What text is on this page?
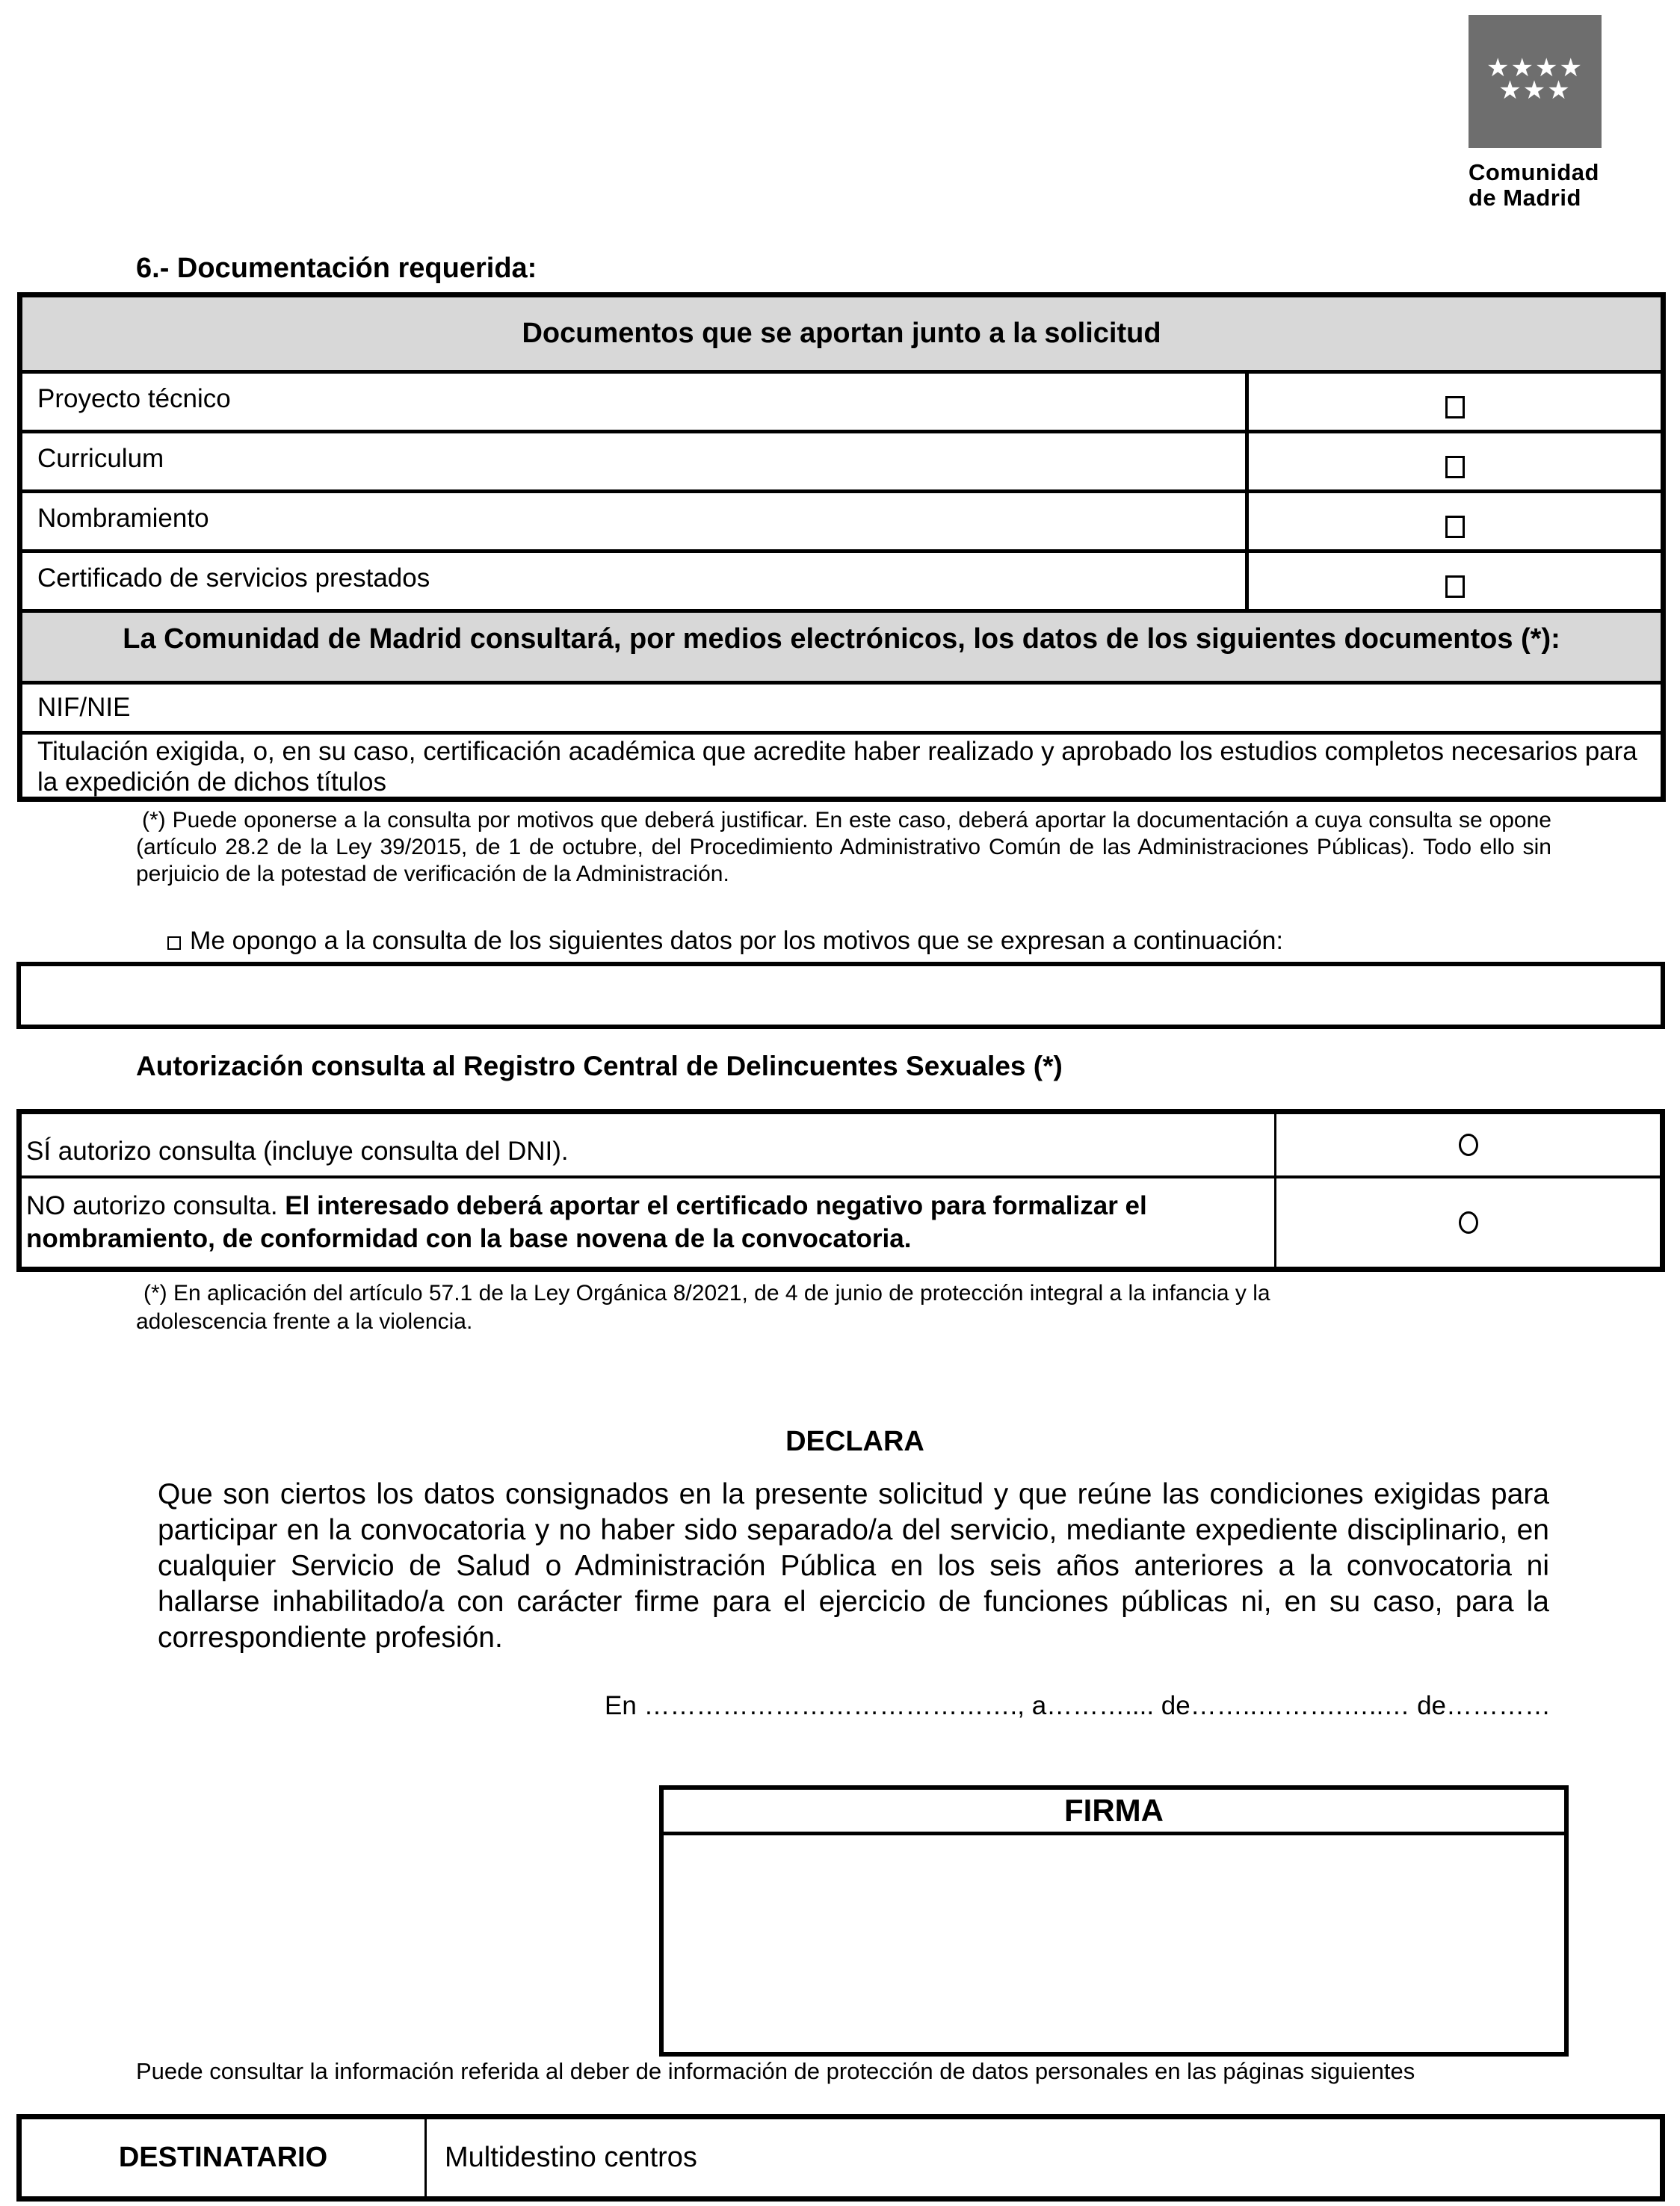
★★★★
★★★
Comunidad
de Madrid
6.- Documentación requerida:
Documentos que se aportan junto a la solicitud
Proyecto técnico
Curriculum
Nombramiento
Certificado de servicios prestados
La Comunidad de Madrid consultará, por medios electrónicos, los datos de los siguientes documentos (*):
NIF/NIE
Titulación exigida, o, en su caso, certificación académica que acredite haber realizado y aprobado los estudios completos necesarios para la expedición de dichos títulos
(*) Puede oponerse a la consulta por motivos que deberá justificar. En este caso, deberá aportar la documentación a cuya consulta se opone (artículo 28.2 de la Ley 39/2015, de 1 de octubre, del Procedimiento Administrativo Común de las Administraciones Públicas). Todo ello sin perjuicio de la potestad de verificación de la Administración.
Me opongo a la consulta de los siguientes datos por los motivos que se expresan a continuación:
Autorización consulta al Registro Central de Delincuentes Sexuales (*)
SÍ autorizo consulta (incluye consulta del DNI).
NO autorizo consulta. El interesado deberá aportar el certificado negativo para formalizar el nombramiento, de conformidad con la base novena de la convocatoria.
(*) En aplicación del artículo 57.1 de la Ley Orgánica 8/2021, de 4 de junio de protección integral a la infancia y la
adolescencia frente a la violencia.
DECLARA
Que son ciertos los datos consignados en la presente solicitud y que reúne las condiciones exigidas para participar en la convocatoria y no haber sido separado/a del servicio, mediante expediente disciplinario, en cualquier Servicio de Salud o Administración Pública en los seis años anteriores a la convocatoria ni hallarse inhabilitado/a con carácter firme para el ejercicio de funciones públicas ni, en su caso, para la correspondiente profesión.
En ……………………………………., a……….... de……..……….…..… de…………
FIRMA
Puede consultar la información referida al deber de información de protección de datos personales en las páginas siguientes
DESTINATARIO	Multidestino centros
